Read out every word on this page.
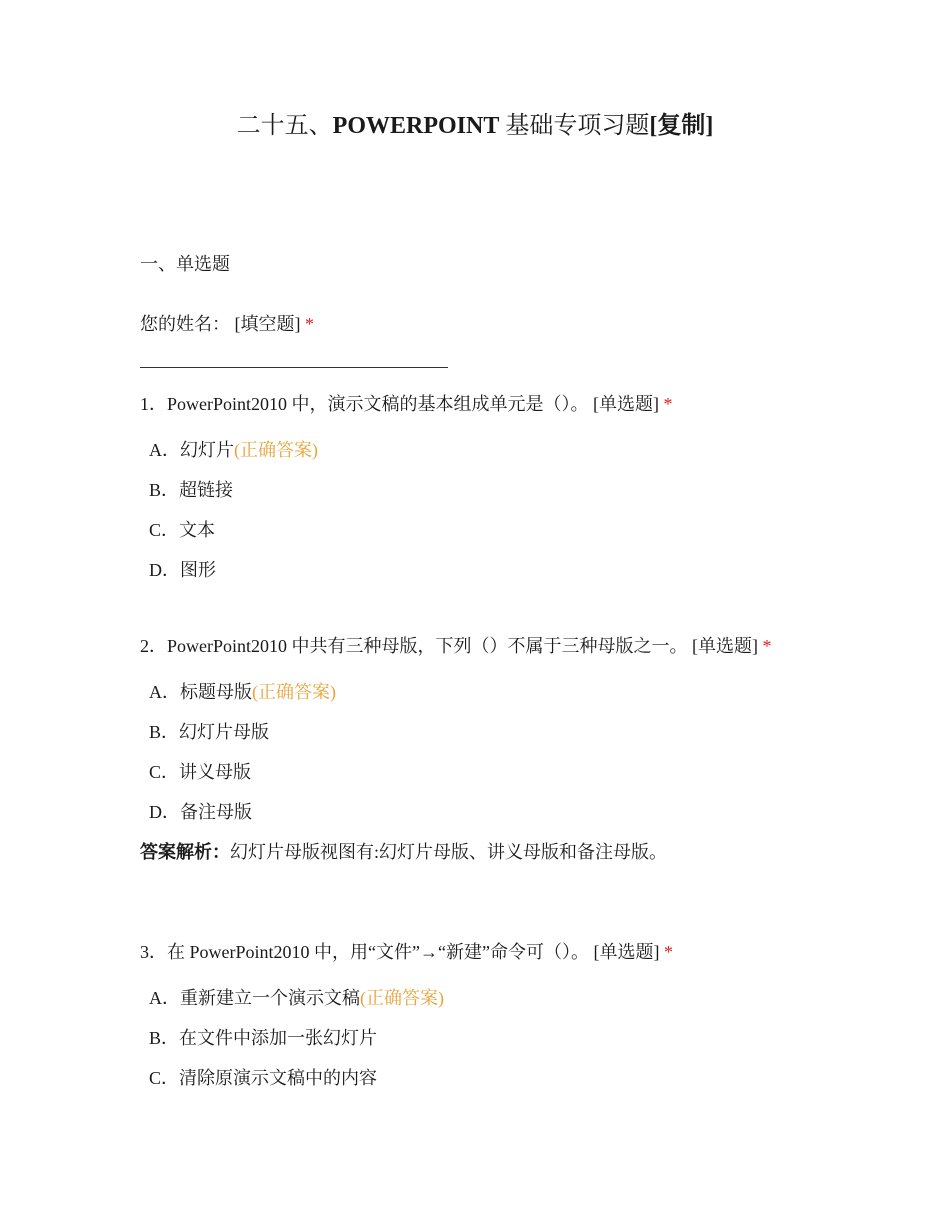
二十五、POWERPOINT 基础专项习题[复制]
一、单选题
您的姓名： [填空题] *
1．PowerPoint2010 中，演示文稿的基本组成单元是（）。 [单选题] *
A．幻灯片(正确答案)
B．超链接
C．文本
D．图形
2．PowerPoint2010 中共有三种母版，下列（）不属于三种母版之一。 [单选题] *
A．标题母版(正确答案)
B．幻灯片母版
C．讲义母版
D．备注母版
答案解析：幻灯片母版视图有:幻灯片母版、讲义母版和备注母版。
3．在 PowerPoint2010 中，用“文件”→“新建”命令可（）。 [单选题] *
A．重新建立一个演示文稿(正确答案)
B．在文件中添加一张幻灯片
C．清除原演示文稿中的内容
